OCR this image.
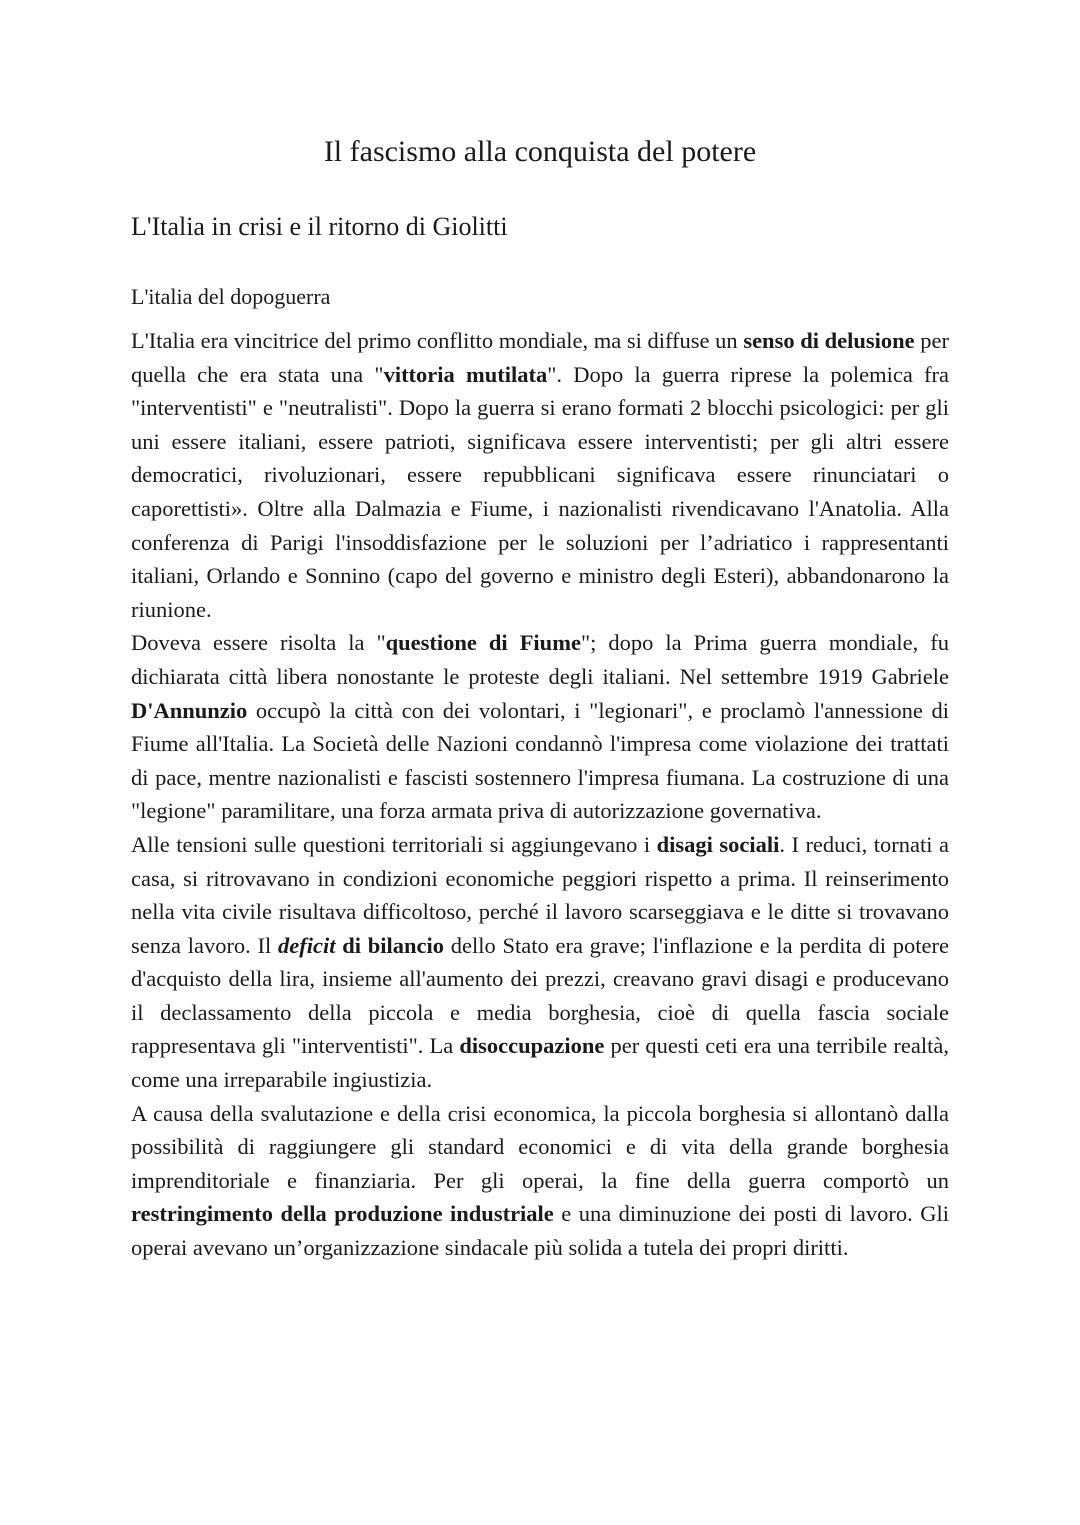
Il fascismo alla conquista del potere
L'Italia in crisi e il ritorno di Giolitti
L'italia del dopoguerra

L'Italia era vincitrice del primo conflitto mondiale, ma si diffuse un senso di delusione per quella che era stata una "vittoria mutilata". Dopo la guerra riprese la polemica fra "interventisti" e "neutralisti". Dopo la guerra si erano formati 2 blocchi psicologici: per gli uni essere italiani, essere patrioti, significava essere interventisti; per gli altri essere democratici, rivoluzionari, essere repubblicani significava essere rinunciatari o caporettisti». Oltre alla Dalmazia e Fiume, i nazionalisti rivendicavano l'Anatolia. Alla conferenza di Parigi l'insoddisfazione per le soluzioni per l’adriatico i rappresentanti italiani, Orlando e Sonnino (capo del governo e ministro degli Esteri), abbandonarono la riunione.

Doveva essere risolta la "questione di Fiume"; dopo la Prima guerra mondiale, fu dichiarata città libera nonostante le proteste degli italiani. Nel settembre 1919 Gabriele D'Annunzio occupò la città con dei volontari, i "legionari", e proclamò l'annessione di Fiume all'Italia. La Società delle Nazioni condannò l'impresa come violazione dei trattati di pace, mentre nazionalisti e fascisti sostennero l'impresa fiumana. La costruzione di una "legione" paramilitare, una forza armata priva di autorizzazione governativa.

Alle tensioni sulle questioni territoriali si aggiungevano i disagi sociali. I reduci, tornati a casa, si ritrovavano in condizioni economiche peggiori rispetto a prima. Il reinserimento nella vita civile risultava difficoltoso, perché il lavoro scarseggiava e le ditte si trovavano senza lavoro. Il deficit di bilancio dello Stato era grave; l'inflazione e la perdita di potere d'acquisto della lira, insieme all'aumento dei prezzi, creavano gravi disagi e producevano il declassamento della piccola e media borghesia, cioè di quella fascia sociale rappresentava gli "interventisti". La disoccupazione per questi ceti era una terribile realtà, come una irreparabile ingiustizia.

A causa della svalutazione e della crisi economica, la piccola borghesia si allontanò dalla possibilità di raggiungere gli standard economici e di vita della grande borghesia imprenditoriale e finanziaria. Per gli operai, la fine della guerra comportò un restringimento della produzione industriale e una diminuzione dei posti di lavoro. Gli operai avevano un’organizzazione sindacale più solida a tutela dei propri diritti.
